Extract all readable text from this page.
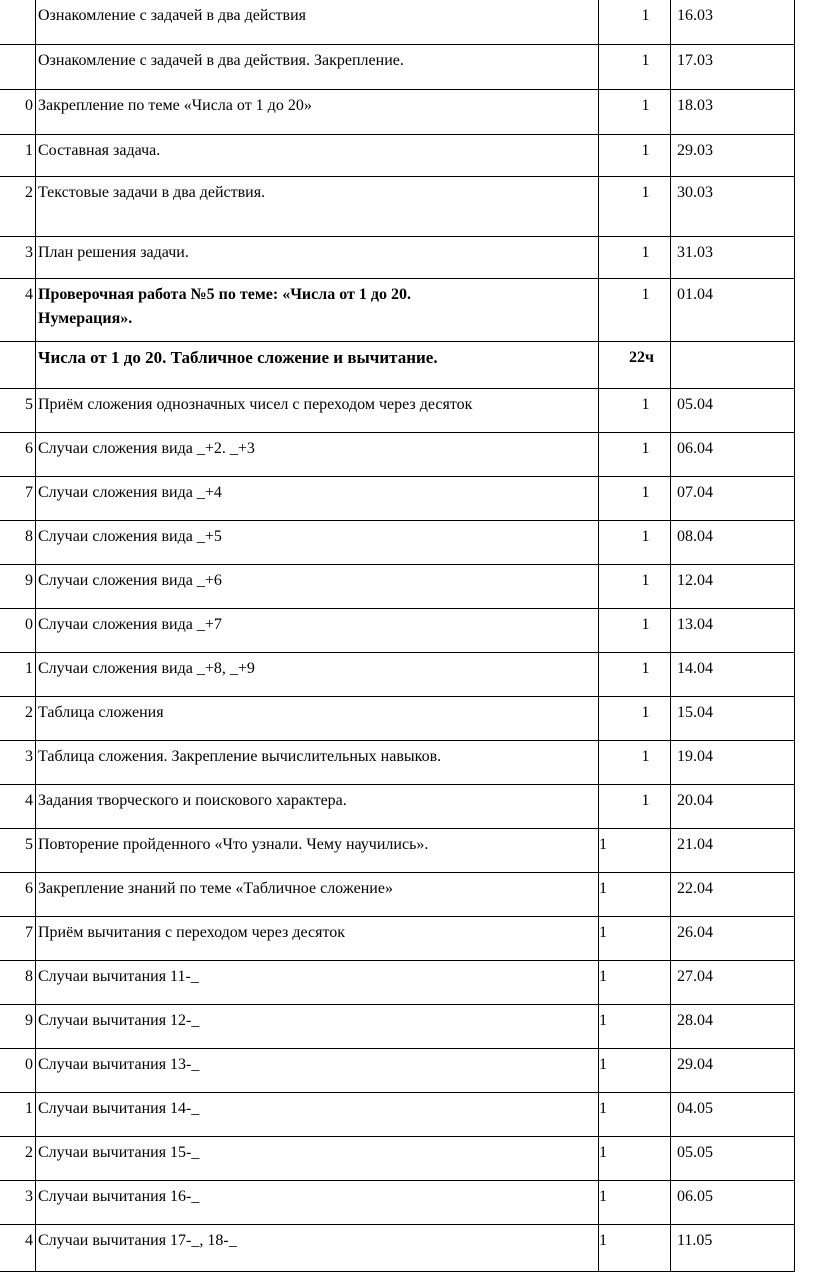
	Ознакомление с задачей в два действия	1	16.03

	Ознакомление с задачей в два действия. Закрепление.	1	17.03

0	Закрепление по теме «Числа от 1 до 20»	1	18.03

1	Составная задача.	1	29.03

2	Текстовые задачи в два действия.	1	30.03

3	План решения задачи.	1	31.03

4	Проверочная работа №5 по теме: «Числа от 1 до 20. Нумерация».	1	01.04

	Числа от 1 до 20. Табличное сложение и вычитание.	22ч	

5	Приём сложения однозначных чисел с переходом через десяток	1	05.04

6	Случаи сложения вида _+2. _+3	1	06.04

7	Случаи сложения вида _+4	1	07.04

8	Случаи сложения вида _+5	1	08.04

9	Случаи сложения вида _+6	1	12.04

0	Случаи сложения вида _+7	1	13.04

1	Случаи сложения вида _+8, _+9	1	14.04

2	Таблица сложения	1	15.04

3	Таблица сложения. Закрепление вычислительных навыков.	1	19.04

4	Задания творческого и поискового характера.	1	20.04

5	Повторение пройденного «Что узнали. Чему научились».	1	21.04

6	Закрепление знаний по теме «Табличное сложение»	1	22.04

7	Приём вычитания с переходом через десяток	1	26.04

8	Случаи вычитания 11-_	1	27.04

9	Случаи вычитания 12-_	1	28.04

0	Случаи вычитания 13-_	1	29.04

1	Случаи вычитания 14-_	1	04.05

2	Случаи вычитания 15-_	1	05.05

3	Случаи вычитания 16-_	1	06.05

4	Случаи вычитания 17-_, 18-_	1	11.05
